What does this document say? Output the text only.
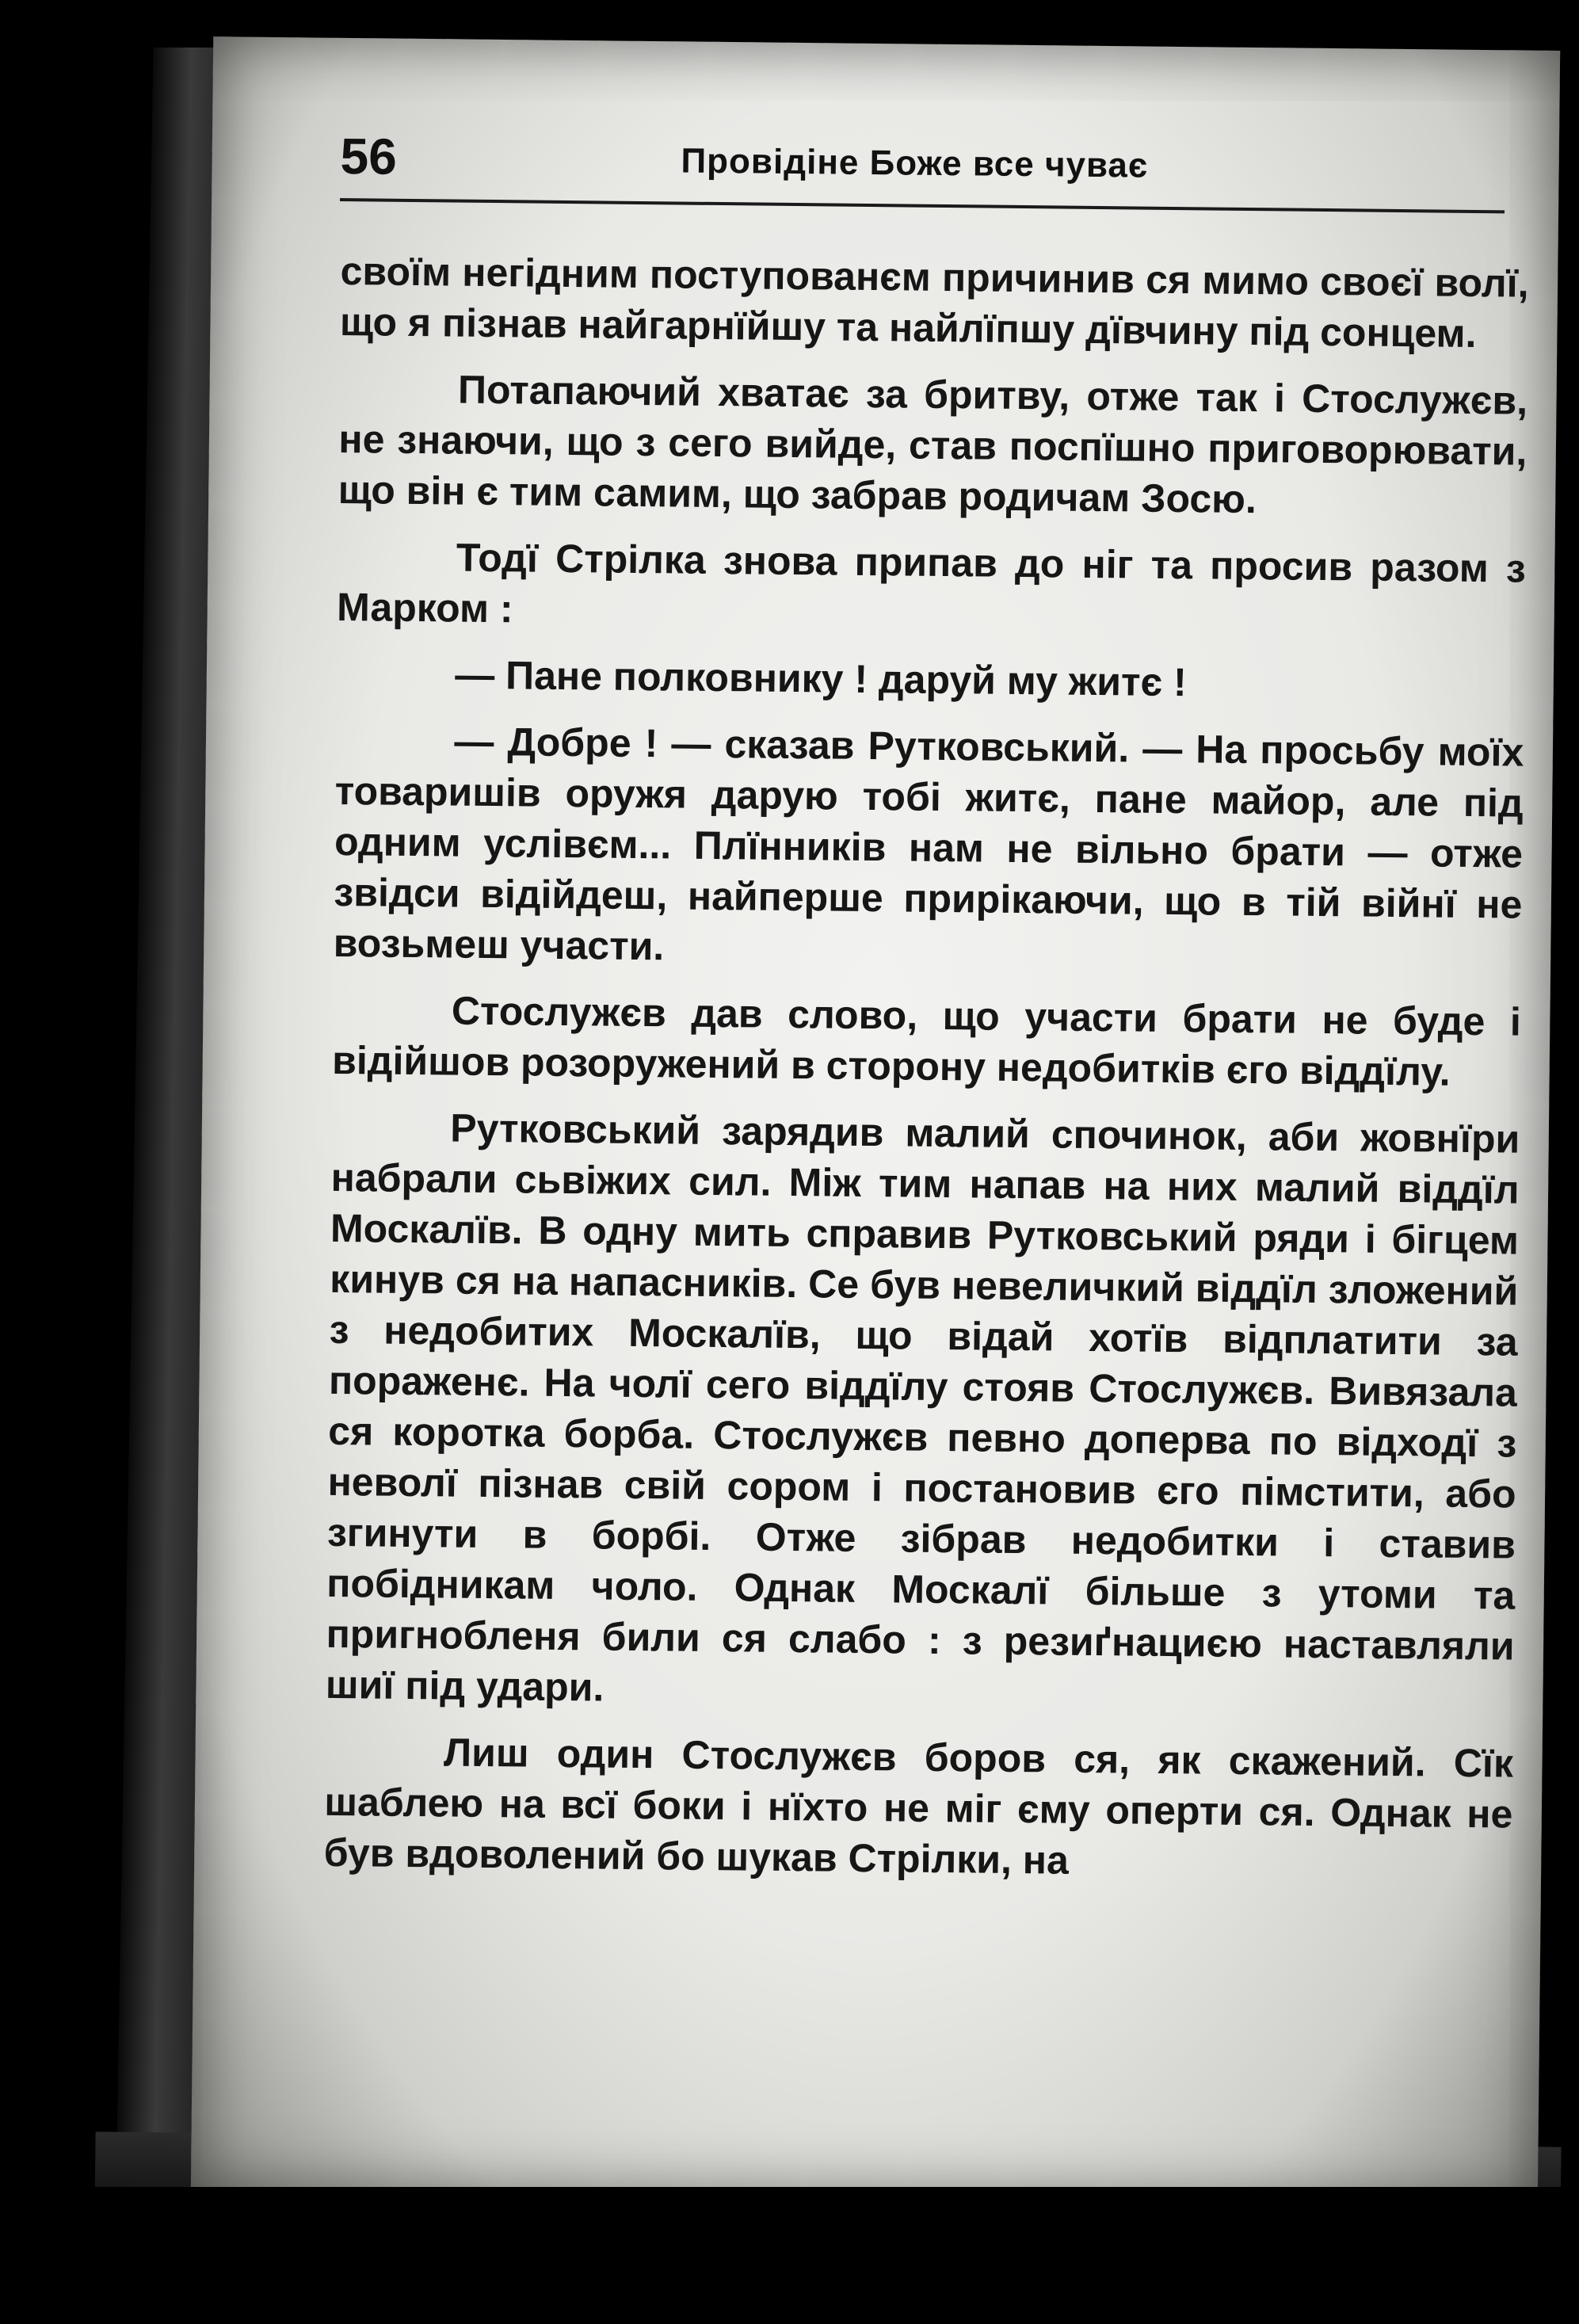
56	Провідіне Боже все чуває

своїм негідним поступованєм причинив ся мимо своєї волї, що я пізнав найгарнїйшу та найлїпшу дївчину під сонцем.

Потапаючий хватає за бритву, отже так і Стослужєв, не знаючи, що з сего вийде, став поспїшно приговорювати, що він є тим самим, що забрав родичам Зосю.

Тодї Стрілка знова припав до ніг та просив разом з Марком :

— Пане полковнику ! даруй му житє !

— Добре ! — сказав Рутковський. — На просьбу моїх товаришів оружя дарую тобі житє, пане майор, але під одним услівєм... Плїнників нам не вільно брати — отже звідси відійдеш, найперше прирікаючи, що в тій війнї не возьмеш участи.

Стослужєв дав слово, що участи брати не буде і відійшов розоружений в сторону недобитків єго віддїлу.

Рутковський зарядив малий спочинок, аби жовнїри набрали сьвіжих сил. Між тим напав на них малий віддїл Москалїв. В одну мить справив Рутковський ряди і бігцем кинув ся на напасників. Се був невеличкий віддїл зложений з недобитих Москалїв, що відай хотїв відплатити за пораженє. На чолї сего віддїлу стояв Стослужєв. Вивязала ся коротка борба. Стослужєв певно доперва по відходї з неволї пізнав свій сором і постановив єго пімстити, або згинути в борбі. Отже зібрав недобитки і ставив побідникам чоло. Однак Москалї більше з утоми та пригнобленя били ся слабо : з резиґнациєю наставляли шиї під удари.

Лиш один Стослужєв боров ся, як скажений. Сїк шаблею на всї боки і нїхто не міг єму оперти ся. Однак не був вдоволений бо шукав Стрілки, на
